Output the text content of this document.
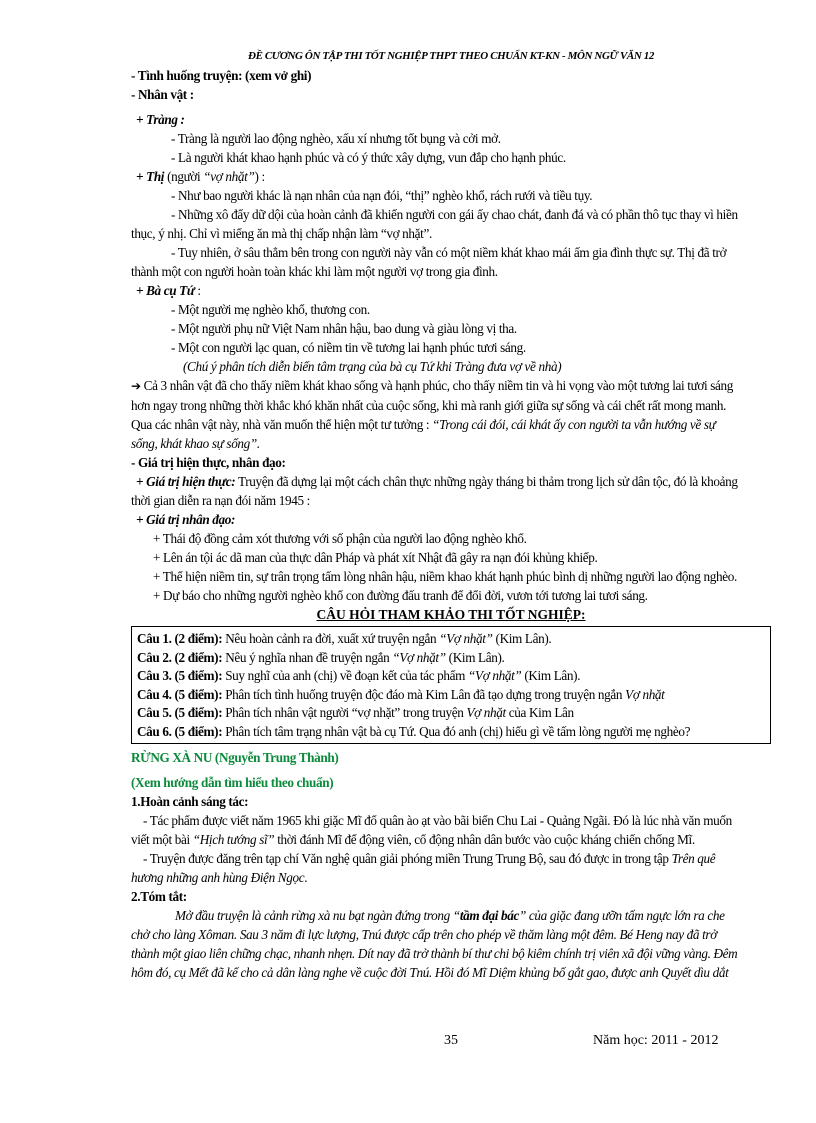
ĐỀ CƯƠNG ÔN TẬP THI TỐT NGHIỆP THPT THEO CHUẨN KT-KN - MÔN NGỮ VĂN 12

- Tình huống truyện: (xem vở ghi)

- Nhân vật :

+ Tràng :

- Tràng là người lao động nghèo, xấu xí nhưng tốt bụng và cởi mở.

- Là người khát khao hạnh phúc và có ý thức xây dựng, vun đắp cho hạnh phúc.

+ Thị (người “vợ nhặt”) :

- Như bao người khác là nạn nhân của nạn đói, “thị” nghèo khổ, rách rưới và tiều tụy.

- Những xô đẩy dữ dội của hoàn cảnh đã khiến người con gái ấy chao chát, đanh đá và có phần thô tục thay vì hiền

thục, ý nhị. Chỉ vì miếng ăn mà thị chấp nhận làm “vợ nhặt”.

- Tuy nhiên, ở sâu thẳm bên trong con người này vẫn có một niềm khát khao mái ấm gia đình thực sự. Thị đã trở

thành một con người hoàn toàn khác khi làm một người vợ trong gia đình.

+ Bà cụ Tứ :

- Một người mẹ nghèo khổ, thương con.

- Một người phụ nữ Việt Nam nhân hậu, bao dung và giàu lòng vị tha.

- Một con người lạc quan, có niềm tin về tương lai hạnh phúc tươi sáng.

(Chú ý phân tích diễn biến tâm trạng của bà cụ Tứ khi Tràng đưa vợ về nhà)

➔ Cả 3 nhân vật đã cho thấy niềm khát khao sống và hạnh phúc, cho thấy niềm tin và hi vọng vào một tương lai tươi sáng

hơn ngay trong những thời khắc khó khăn nhất của cuộc sống, khi mà ranh giới giữa sự sống và cái chết rất mong manh.

Qua các nhân vật này, nhà văn muốn thể hiện một tư tưởng : “Trong cái đói, cái khát ấy con người ta vẫn hướng về sự

sống, khát khao sự sống”.

- Giá trị hiện thực, nhân đạo:

+ Giá trị hiện thực: Truyện đã dựng lại một cách chân thực những ngày tháng bi thảm trong lịch sử dân tộc, đó là khoảng

thời gian diễn ra nạn đói năm 1945 :

+ Giá trị nhân đạo:

+ Thái độ đồng cảm xót thương với số phận của người lao động nghèo khổ.

+ Lên án tội ác dã man của thực dân Pháp và phát xít Nhật đã gây ra nạn đói khủng khiếp.

+ Thể hiện niềm tin, sự trân trọng tấm lòng nhân hậu, niềm khao khát hạnh phúc bình dị những người lao động nghèo.

+ Dự báo cho những người nghèo khổ con đường đấu tranh để đổi đời, vươn tới tương lai tươi sáng.

CÂU HỎI THAM KHẢO THI TỐT NGHIỆP:

Câu 1. (2 điểm): Nêu hoàn cảnh ra đời, xuất xứ truyện ngắn “Vợ nhặt” (Kim Lân).

Câu 2. (2 điểm): Nêu ý nghĩa nhan đề truyện ngắn “Vợ nhặt” (Kim Lân).

Câu 3. (5 điểm): Suy nghĩ của anh (chị) về đoạn kết của tác phẩm “Vợ nhặt” (Kim Lân).

Câu 4. (5 điểm): Phân tích tình huống truyện độc đáo mà Kim Lân đã tạo dựng trong truyện ngắn Vợ nhặt

Câu 5. (5 điểm): Phân tích nhân vật người “vợ nhặt” trong truyện Vợ nhặt của Kim Lân

Câu 6. (5 điểm): Phân tích tâm trạng nhân vật bà cụ Tứ. Qua đó anh (chị) hiểu gì về tấm lòng người mẹ nghèo?

RỪNG XÀ NU (Nguyễn Trung Thành)

(Xem hướng dẫn tìm hiểu theo chuẩn)

1.Hoàn cảnh sáng tác:

- Tác phẩm được viết năm 1965 khi giặc Mĩ đổ quân ào ạt vào bãi biển Chu Lai - Quảng Ngãi. Đó là lúc nhà văn muốn

viết một bài “Hịch tướng sĩ” thời đánh Mĩ để động viên, cổ động nhân dân bước vào cuộc kháng chiến chống Mĩ.

- Truyện được đăng trên tạp chí Văn nghệ quân giải phóng miền Trung Trung Bộ, sau đó được in trong tập Trên quê

hương những anh hùng Điện Ngọc.

2.Tóm tắt:

Mở đầu truyện là cảnh rừng xà nu bạt ngàn đứng trong “tầm đại bác” của giặc đang ưỡn tấm ngực lớn ra che

chở cho làng Xôman. Sau 3 năm đi lực lượng, Tnú được cấp trên cho phép về thăm làng một đêm. Bé Heng nay đã trở

thành một giao liên chững chạc, nhanh nhẹn. Dít nay đã trở thành bí thư chi bộ kiêm chính trị viên xã đội vững vàng. Đêm

hôm đó, cụ Mết đã kể cho cả dân làng nghe về cuộc đời Tnú. Hồi đó Mĩ Diệm khủng bố gắt gao, được anh Quyết dìu dắt

35	Năm học: 2011 - 2012
